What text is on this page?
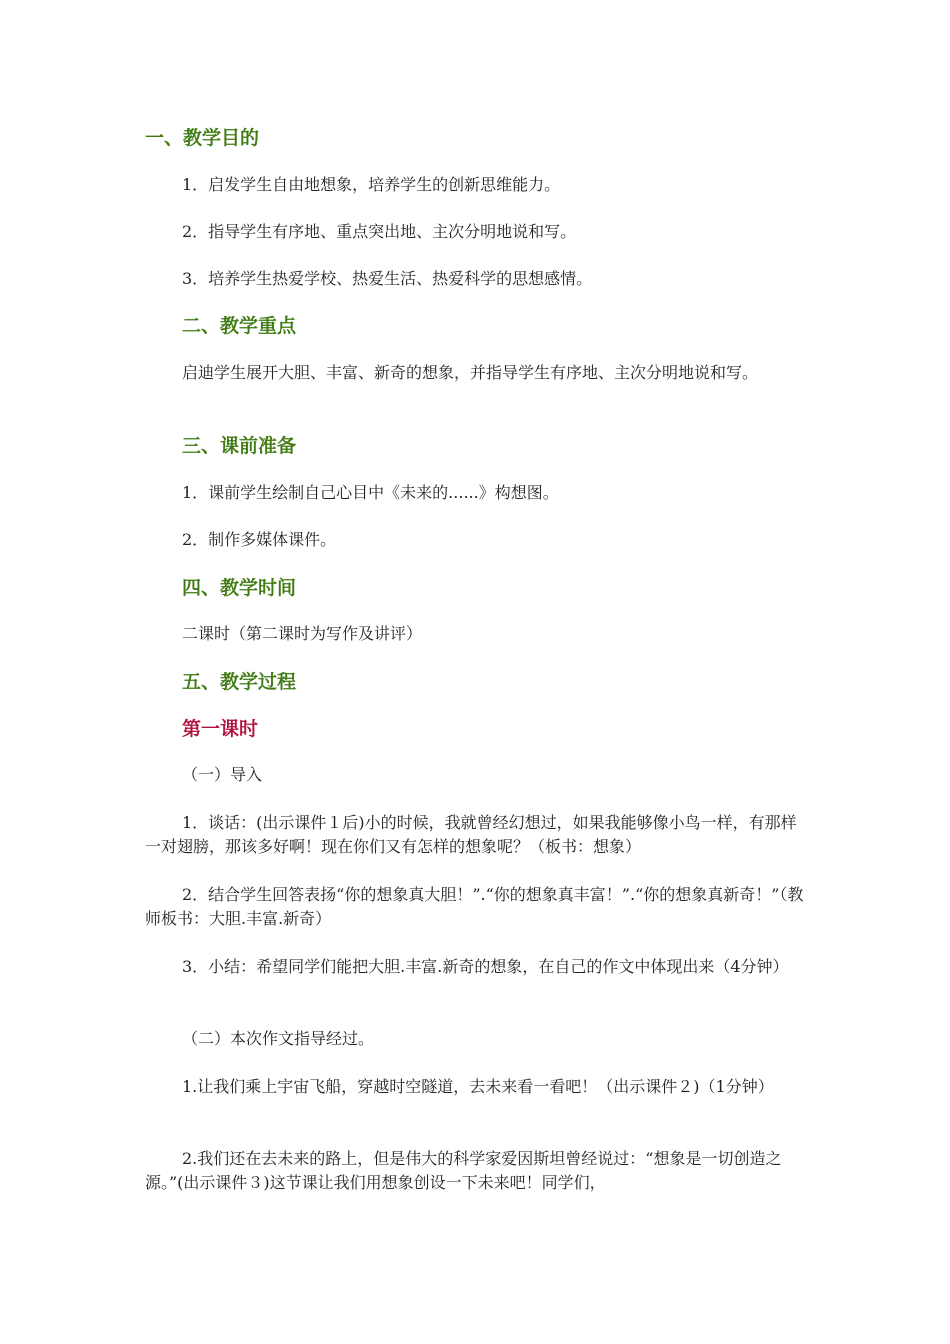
一、教学目的

1．启发学生自由地想象，培养学生的创新思维能力。

2．指导学生有序地、重点突出地、主次分明地说和写。

3．培养学生热爱学校、热爱生活、热爱科学的思想感情。

二、教学重点

启迪学生展开大胆、丰富、新奇的想象，并指导学生有序地、主次分明地说和写。

三、课前准备

1．课前学生绘制自己心目中《未来的......》构想图。

2．制作多媒体课件。

四、教学时间

二课时（第二课时为写作及讲评）

五、教学过程
第一课时

（一）导入

1．谈话：(出示课件１后)小的时候，我就曾经幻想过，如果我能够像小鸟一样，有那样一对翅膀，那该多好啊！现在你们又有怎样的想象呢？（板书：想象）

2．结合学生回答表扬“你的想象真大胆！”.“你的想象真丰富！”.“你的想象真新奇！”（教师板书：大胆.丰富.新奇）

3．小结：希望同学们能把大胆.丰富.新奇的想象，在自己的作文中体现出来（4分钟）

（二）本次作文指导经过。

1.让我们乘上宇宙飞船，穿越时空隧道，去未来看一看吧！（出示课件２)（1分钟）

2.我们还在去未来的路上，但是伟大的科学家爱因斯坦曾经说过：“想象是一切创造之源。”(出示课件３)这节课让我们用想象创设一下未来吧！同学们，
